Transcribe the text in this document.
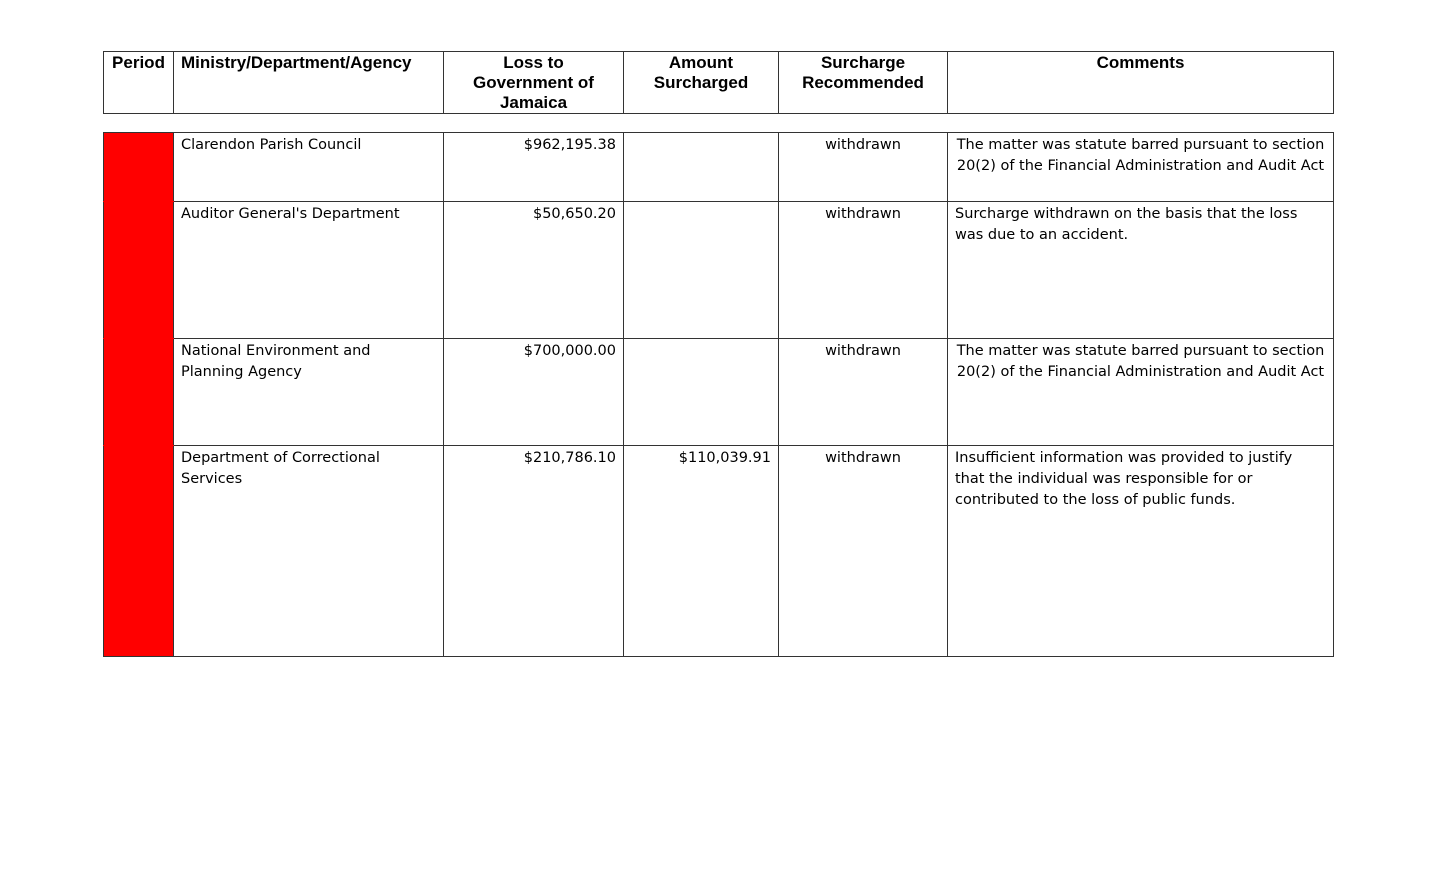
Period	Ministry/Department/Agency	Loss to Government of Jamaica	Amount Surcharged	Surcharge Recommended	Comments
	Clarendon Parish Council	$962,195.38		withdrawn	The matter was statute barred pursuant to section 20(2) of the Financial Administration and Audit Act
	Auditor General's Department	$50,650.20		withdrawn	Surcharge withdrawn on the basis that the loss was due to an accident.
	National Environment and Planning Agency	$700,000.00		withdrawn	The matter was statute barred pursuant to section 20(2) of the Financial Administration and Audit Act
	Department of Correctional Services	$210,786.10	$110,039.91	withdrawn	Insufficient information was provided to justify that the individual was responsible for or contributed to the loss of public funds.
